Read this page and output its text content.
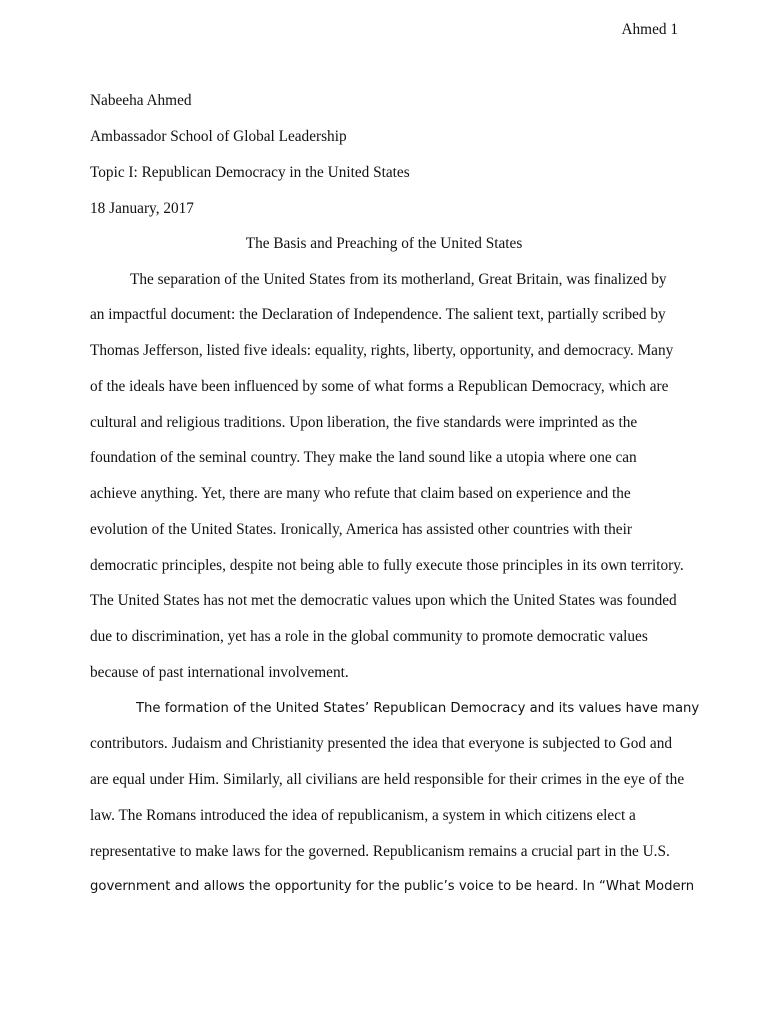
Ahmed 1

Nabeeha Ahmed

Ambassador School of Global Leadership

Topic I: Republican Democracy in the United States

18 January, 2017

The Basis and Preaching of the United States

The separation of the United States from its motherland, Great Britain, was finalized by

an impactful document: the Declaration of Independence. The salient text, partially scribed by

Thomas Jefferson, listed five ideals: equality, rights, liberty, opportunity, and democracy. Many

of the ideals have been influenced by some of what forms a Republican Democracy, which are

cultural and religious traditions. Upon liberation, the five standards were imprinted as the

foundation of the seminal country. They make the land sound like a utopia where one can

achieve anything. Yet, there are many who refute that claim based on experience and the

evolution of the United States. Ironically, America has assisted other countries with their

democratic principles, despite not being able to fully execute those principles in its own territory.

The United States has not met the democratic values upon which the United States was founded

due to discrimination, yet has a role in the global community to promote democratic values

because of past international involvement.

The formation of the United States’ Republican Democracy and its values have many

contributors. Judaism and Christianity presented the idea that everyone is subjected to God and

are equal under Him. Similarly, all civilians are held responsible for their crimes in the eye of the

law. The Romans introduced the idea of republicanism, a system in which citizens elect a

representative to make laws for the governed. Republicanism remains a crucial part in the U.S.

government and allows the opportunity for the public’s voice to be heard. In “What Modern
